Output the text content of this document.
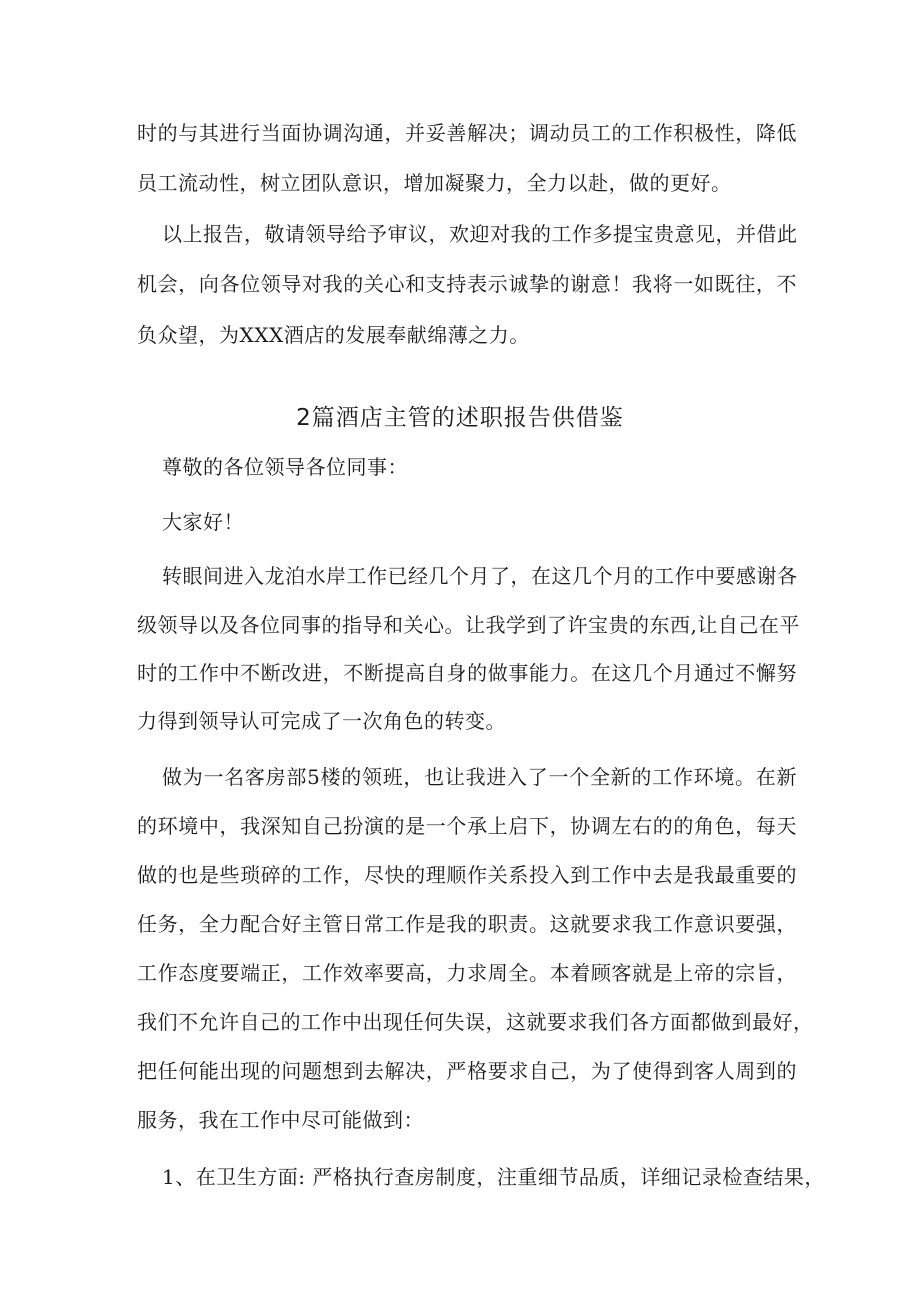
时的与其进行当面协调沟通，并妥善解决；调动员工的工作积极性，降低
员工流动性，树立团队意识，增加凝聚力，全力以赴，做的更好。
以上报告，敬请领导给予审议，欢迎对我的工作多提宝贵意见，并借此
机会，向各位领导对我的关心和支持表示诚挚的谢意！我将一如既往，不
负众望，为XXX酒店的发展奉献绵薄之力。
2篇酒店主管的述职报告供借鉴
尊敬的各位领导各位同事：
大家好！
转眼间进入龙泊水岸工作已经几个月了，在这几个月的工作中要感谢各
级领导以及各位同事的指导和关心。让我学到了许宝贵的东西,让自己在平
时的工作中不断改进，不断提高自身的做事能力。在这几个月通过不懈努
力得到领导认可完成了一次角色的转变。
做为一名客房部5楼的领班，也让我进入了一个全新的工作环境。在新
的环境中，我深知自己扮演的是一个承上启下，协调左右的的角色，每天
做的也是些琐碎的工作，尽快的理顺作关系投入到工作中去是我最重要的
任务，全力配合好主管日常工作是我的职责。这就要求我工作意识要强，
工作态度要端正，工作效率要高，力求周全。本着顾客就是上帝的宗旨，
我们不允许自己的工作中出现任何失误，这就要求我们各方面都做到最好，
把任何能出现的问题想到去解决，严格要求自己，为了使得到客人周到的
服务，我在工作中尽可能做到：
1、在卫生方面: 严格执行查房制度，注重细节品质，详细记录检查结果，
